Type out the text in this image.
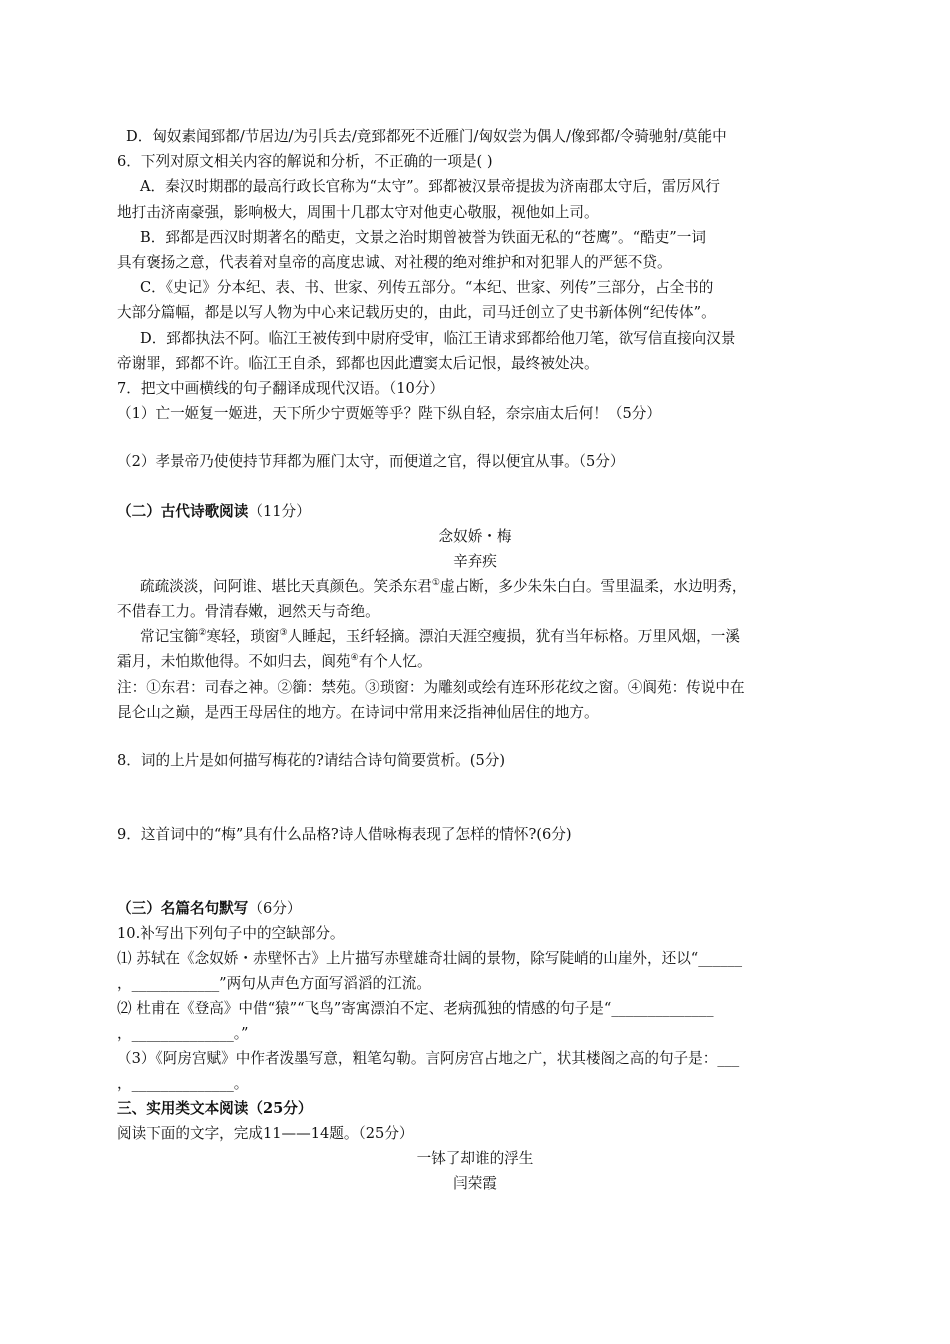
D．匈奴素闻郅都/节居边/为引兵去/竟郅都死不近雁门/匈奴尝为偶人/像郅都/令骑驰射/莫能中
6．下列对原文相关内容的解说和分析，不正确的一项是( )
A．秦汉时期郡的最高行政长官称为“太守”。郅都被汉景帝提拔为济南郡太守后，雷厉风行
地打击济南豪强，影响极大，周围十几郡太守对他吏心敬服，视他如上司。
B．郅都是西汉时期著名的酷吏，文景之治时期曾被誉为铁面无私的“苍鹰”。“酷吏”一词
具有褒扬之意，代表着对皇帝的高度忠诚、对社稷的绝对维护和对犯罪人的严惩不贷。
C．《史记》分本纪、表、书、世家、列传五部分。“本纪、世家、列传”三部分，占全书的
大部分篇幅，都是以写人物为中心来记载历史的，由此，司马迁创立了史书新体例“纪传体”。
D．郅都执法不阿。临江王被传到中尉府受审，临江王请求郅都给他刀笔，欲写信直接向汉景
帝谢罪，郅都不许。临江王自杀，郅都也因此遭窦太后记恨，最终被处决。
7．把文中画横线的句子翻译成现代汉语。（10分）
（1）亡一姬复一姬进，天下所少宁贾姬等乎？陛下纵自轻，奈宗庙太后何！（5分）
（2）孝景帝乃使使持节拜都为雁门太守，而便道之官，得以便宜从事。（5分）
（二）古代诗歌阅读（11分）
念奴娇・梅
辛弃疾
疏疏淡淡，问阿谁、堪比天真颜色。笑杀东君①虚占断，多少朱朱白白。雪里温柔，水边明秀，
不借春工力。骨清春嫩，迥然天与奇绝。
常记宝篽②寒轻，琐窗③人睡起，玉纤轻摘。漂泊天涯空瘦损，犹有当年标格。万里风烟，一溪
霜月，未怕欺他得。不如归去，阆苑④有个人忆。
注：①东君：司春之神。②篽：禁苑。③琐窗：为雕刻或绘有连环形花纹之窗。④阆苑：传说中在
昆仑山之巅，是西王母居住的地方。在诗词中常用来泛指神仙居住的地方。
8．词的上片是如何描写梅花的?请结合诗句简要赏析。(5分)
9．这首词中的“梅”具有什么品格?诗人借咏梅表现了怎样的情怀?(6分)
（三）名篇名句默写（6分）
10.补写出下列句子中的空缺部分。
⑴ 苏轼在《念奴娇・赤壁怀古》上片描写赤壁雄奇壮阔的景物，除写陡峭的山崖外，还以“______
，____________”两句从声色方面写滔滔的江流。
⑵ 杜甫在《登高》中借“猿”“飞鸟”寄寓漂泊不定、老病孤独的情感的句子是“______________
，______________。”
（3）《阿房宫赋》中作者泼墨写意，粗笔勾勒。言阿房宫占地之广，状其楼阁之高的句子是：___
，______________。
三、实用类文本阅读（25分）
阅读下面的文字，完成11——14题。（25分）
一钵了却谁的浮生
闫荣霞
